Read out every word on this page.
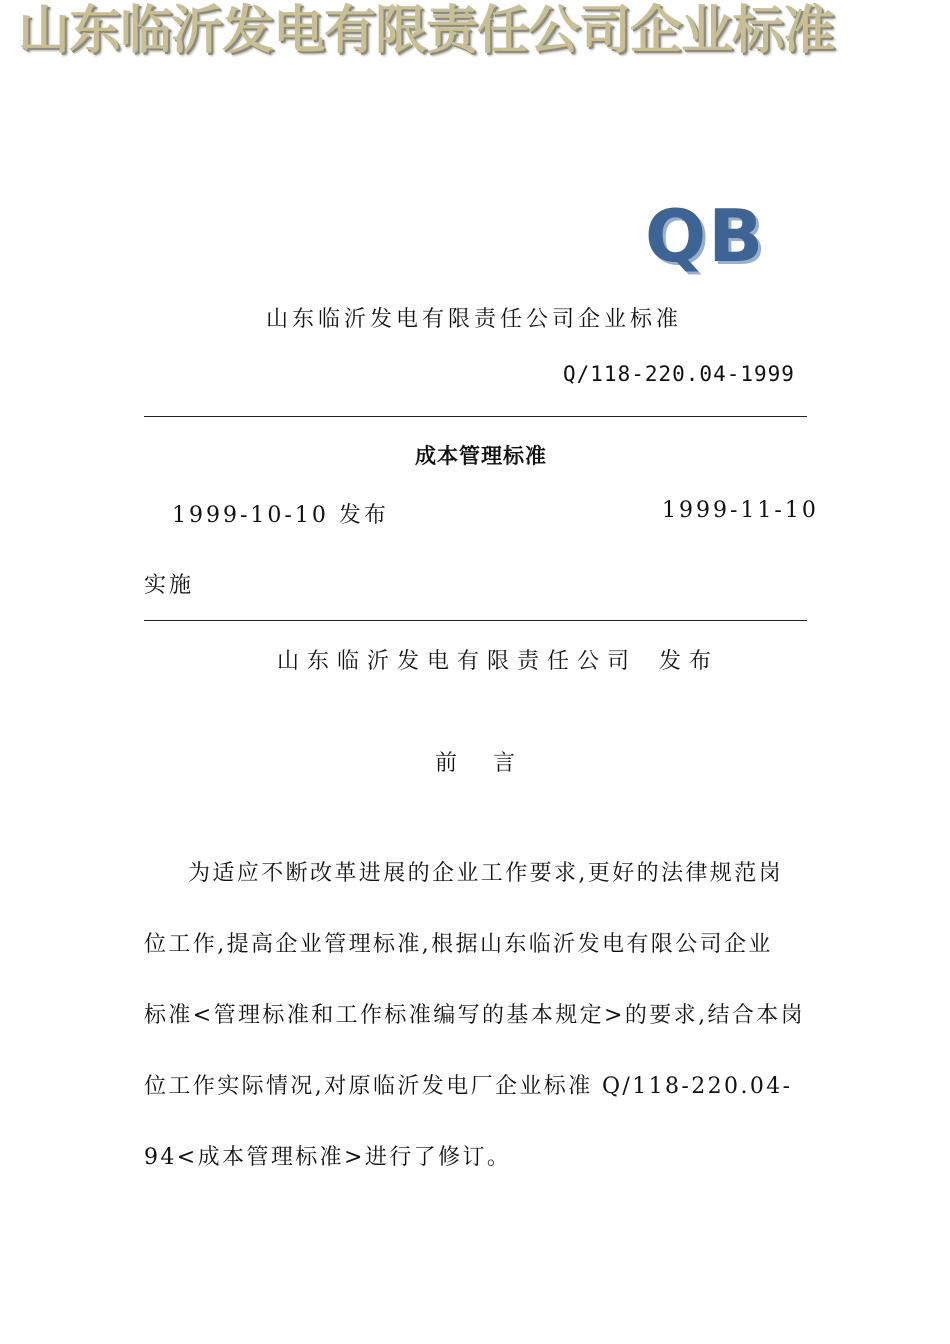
山东临沂发电有限责任公司企业标准
QB
山东临沂发电有限责任公司企业标准
Q/118-220.04-1999
成本管理标准
1999-10-10 发布	1999-11-10
实施
山东临沂发电有限责任公司 发布
前 言
为适应不断改革进展的企业工作要求,更好的法律规范岗
位工作,提高企业管理标准,根据山东临沂发电有限公司企业
标准<管理标准和工作标准编写的基本规定>的要求,结合本岗
位工作实际情况,对原临沂发电厂企业标准 Q/118-220.04-
94<成本管理标准>进行了修订。
